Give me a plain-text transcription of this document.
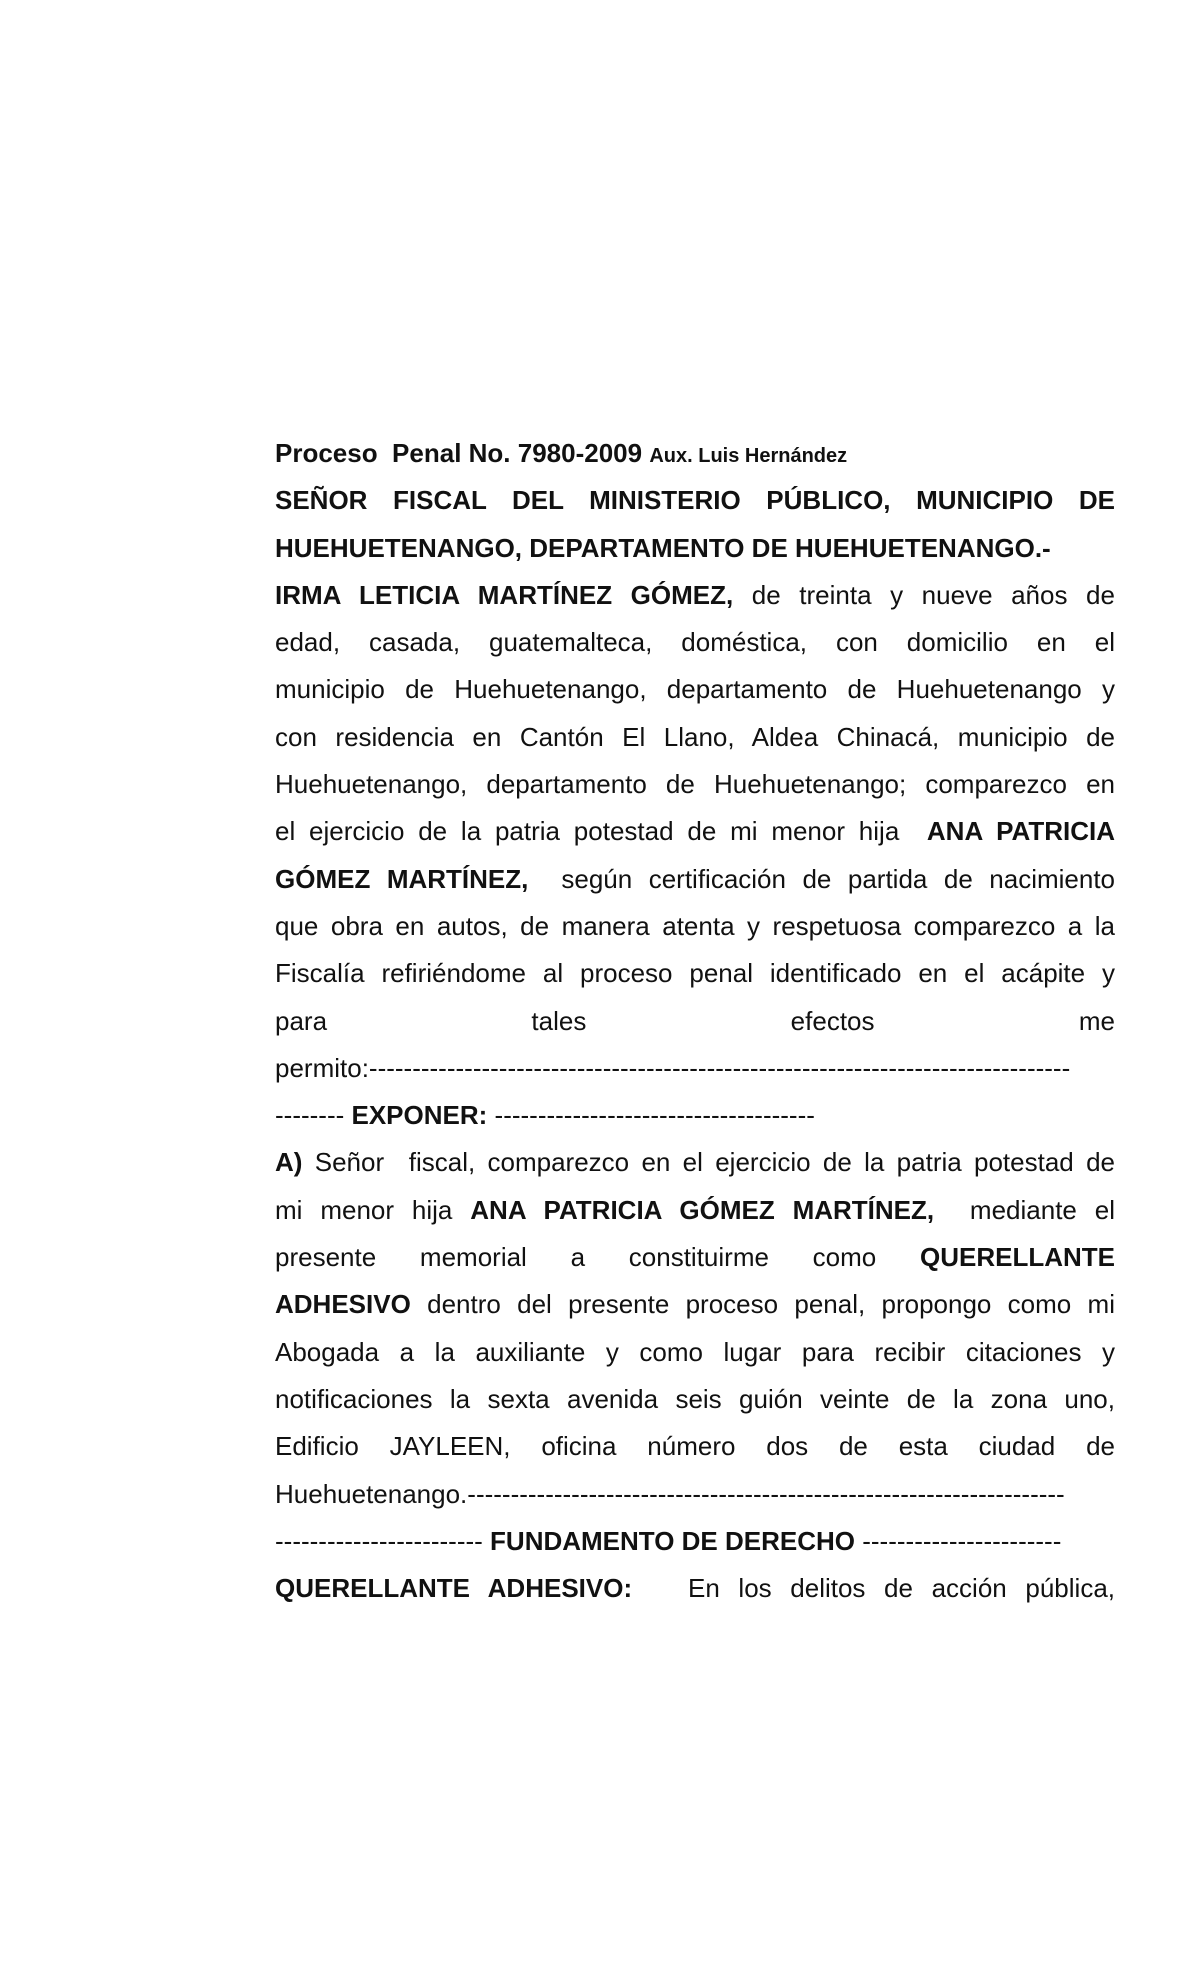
Proceso  Penal No. 7980-2009 Aux. Luis Hernández
SEÑOR FISCAL DEL MINISTERIO PÚBLICO, MUNICIPIO DE
HUEHUETENANGO, DEPARTAMENTO DE HUEHUETENANGO.-
IRMA LETICIA MARTÍNEZ GÓMEZ, de treinta y nueve años de
edad, casada, guatemalteca, doméstica, con domicilio en el
municipio de Huehuetenango, departamento de Huehuetenango y
con residencia en Cantón El Llano, Aldea Chinacá, municipio de
Huehuetenango, departamento de Huehuetenango; comparezco en
el ejercicio de la patria potestad de mi menor hija  ANA PATRICIA
GÓMEZ MARTÍNEZ,  según certificación de partida de nacimiento
que obra en autos, de manera atenta y respetuosa comparezco a la
Fiscalía refiriéndome al proceso penal identificado en el acápite y
para tales efectos me
permito:---------------------------------------------------------------------------------
-------- EXPONER: -------------------------------------
A) Señor  fiscal, comparezco en el ejercicio de la patria potestad de
mi menor hija ANA PATRICIA GÓMEZ MARTÍNEZ,  mediante el
presente memorial a constituirme como QUERELLANTE
ADHESIVO dentro del presente proceso penal, propongo como mi
Abogada a la auxiliante y como lugar para recibir citaciones y
notificaciones la sexta avenida seis guión veinte de la zona uno,
Edificio JAYLEEN, oficina número dos de esta ciudad de
Huehuetenango.---------------------------------------------------------------------
------------------------ FUNDAMENTO DE DERECHO -----------------------
QUERELLANTE ADHESIVO:   En los delitos de acción pública,
